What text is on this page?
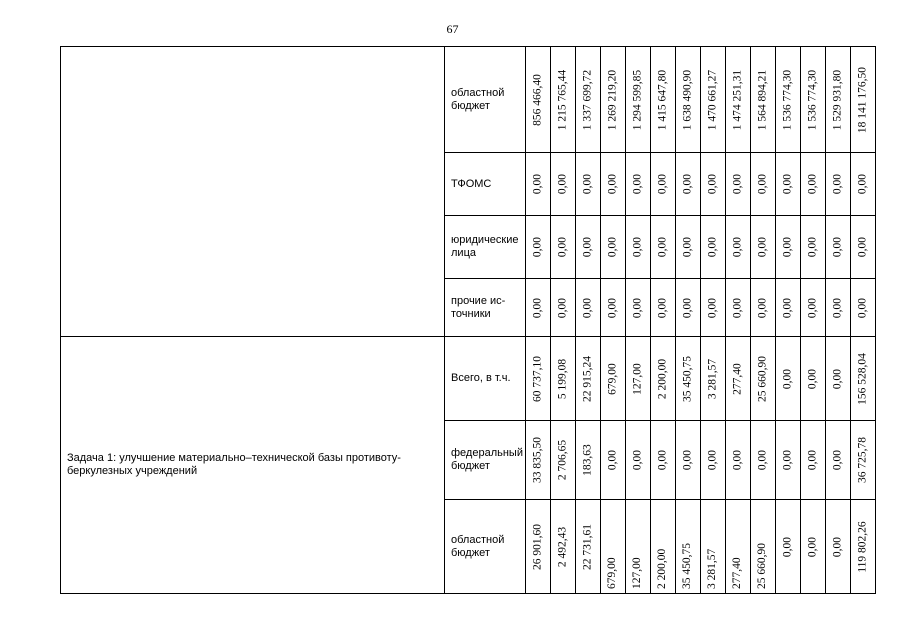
67
	областной бюджет	856 466,40	1 215 765,44	1 337 699,72	1 269 219,20	1 294 599,85	1 415 647,80	1 638 490,90	1 470 661,27	1 474 251,31	1 564 894,21	1 536 774,30	1 536 774,30	1 529 931,80	18 141 176,50

	ТФОМС	0,00	0,00	0,00	0,00	0,00	0,00	0,00	0,00	0,00	0,00	0,00	0,00	0,00	0,00

	юридические лица	0,00	0,00	0,00	0,00	0,00	0,00	0,00	0,00	0,00	0,00	0,00	0,00	0,00	0,00

	прочие ис-точники	0,00	0,00	0,00	0,00	0,00	0,00	0,00	0,00	0,00	0,00	0,00	0,00	0,00	0,00

Задача 1: улучшение материально–технической базы противоту-беркулезных учреждений	Всего, в т.ч.	60 737,10	5 199,08	22 915,24	679,00	127,00	2 200,00	35 450,75	3 281,57	277,40	25 660,90	0,00	0,00	0,00	156 528,04

	федеральный бюджет	33 835,50	2 706,65	183,63	0,00	0,00	0,00	0,00	0,00	0,00	0,00	0,00	0,00	0,00	36 725,78

	областной бюджет	26 901,60	2 492,43	22 731,61	679,00	127,00	2 200,00	35 450,75	3 281,57	277,40	25 660,90	0,00	0,00	0,00	119 802,26
